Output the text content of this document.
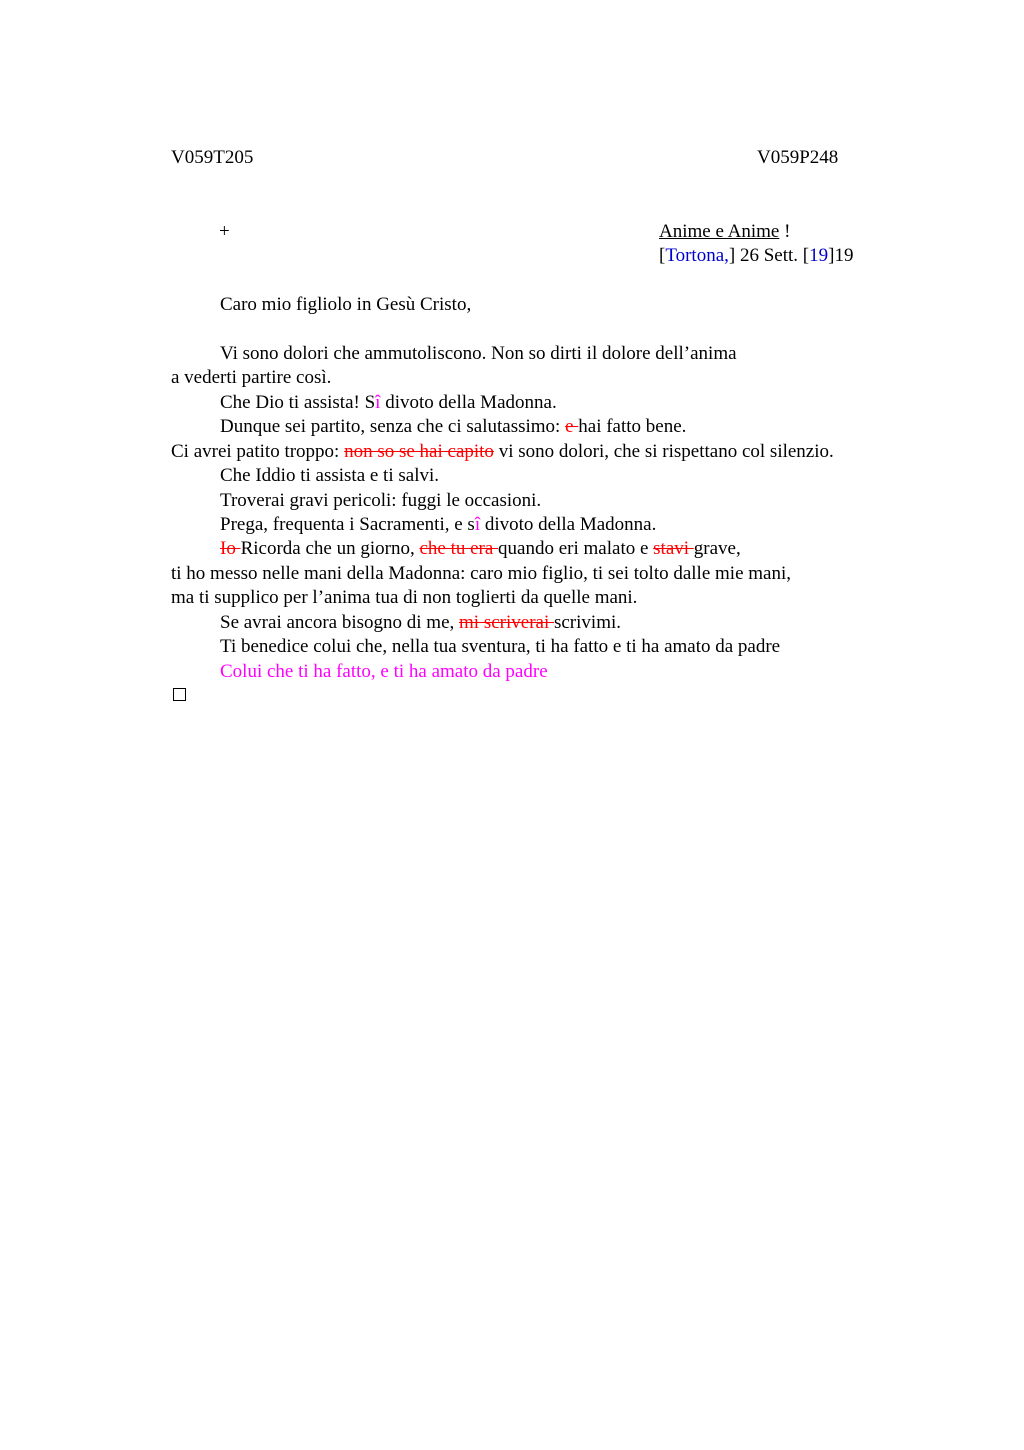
V059T205	V059P248
+	Anime e Anime !
[Tortona,] 26 Sett. [19]19
Caro mio figliolo in Gesù Cristo,
Vi sono dolori che ammutoliscono. Non so dirti il dolore dell’anima
a vederti partire così.
Che Dio ti assista! Sî divoto della Madonna.
Dunque sei partito, senza che ci salutassimo: e hai fatto bene.
Ci avrei patito troppo: non so se hai capito vi sono dolori, che si rispettano col silenzio.
Che Iddio ti assista e ti salvi.
Troverai gravi pericoli: fuggi le occasioni.
Prega, frequenta i Sacramenti, e sî divoto della Madonna.
Io Ricorda che un giorno, che tu era quando eri malato e stavi grave,
ti ho messo nelle mani della Madonna: caro mio figlio, ti sei tolto dalle mie mani,
ma ti supplico per l’anima tua di non toglierti da quelle mani.
Se avrai ancora bisogno di me, mi scriverai scrivimi.
Ti benedice colui che, nella tua sventura, ti ha fatto e ti ha amato da padre
Colui che ti ha fatto, e ti ha amato da padre
